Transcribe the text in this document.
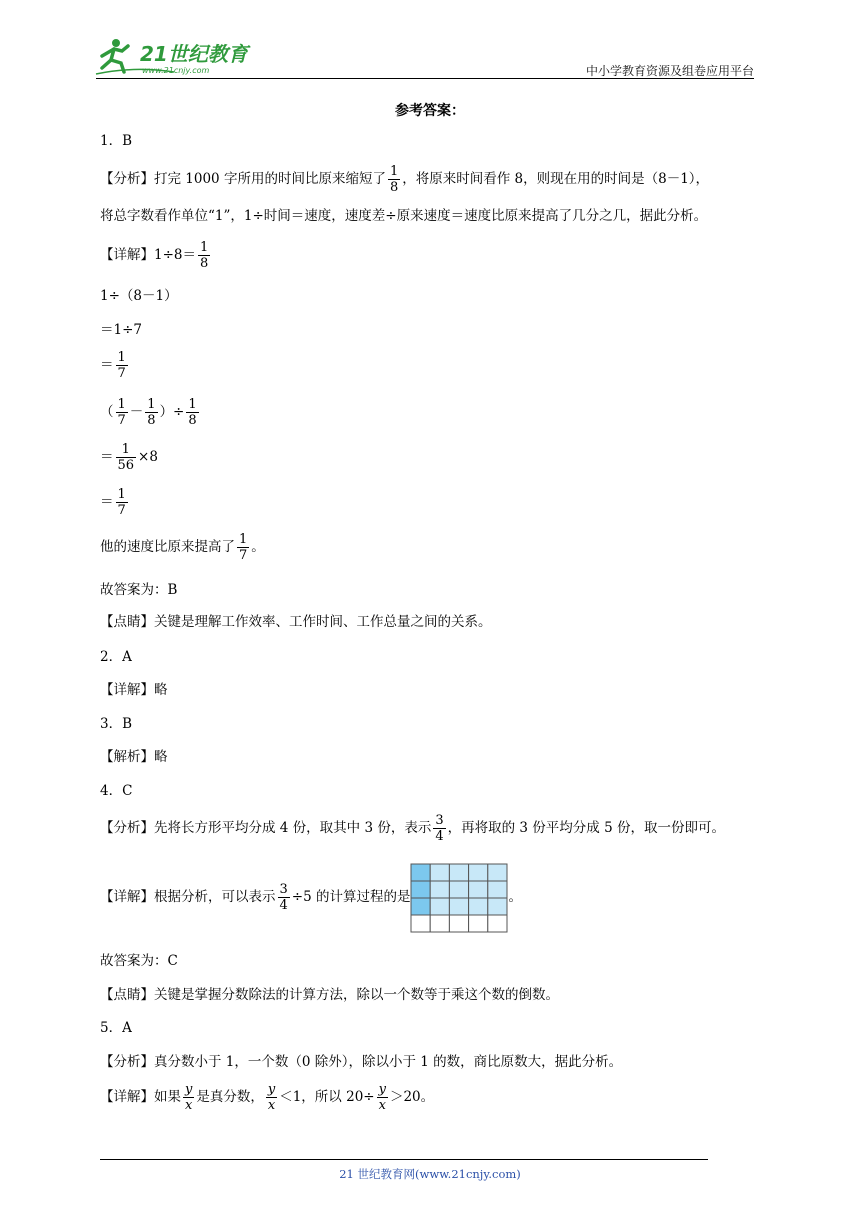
21世纪教育
www.21cnjy.com	中小学教育资源及组卷应用平台
参考答案：
1．B
【分析】打完 1000 字所用的时间比原来缩短了 $\frac{1}{8}$ ，将原来时间看作 8，则现在用的时间是（8－1），
将总字数看作单位“1”，1÷时间＝速度，速度差÷原来速度＝速度比原来提高了几分之几，据此分析。
【详解】$1\div 8= \frac{1}{8}$
1÷（8－1）
＝1÷7
＝ $\frac{1}{7}$
（ $\frac{1}{7} - \frac{1}{8}$ ）÷ $\frac{1}{8}$
＝ $\frac{1}{56} \times 8$
＝ $\frac{1}{7}$
他的速度比原来提高了 $\frac{1}{7}$ 。
故答案为：B
【点睛】关键是理解工作效率、工作时间、工作总量之间的关系。
2．A
【详解】略
3．B
【解析】略
4．C
【分析】先将长方形平均分成 4 份，取其中 3 份，表示 $\frac{3}{4}$ ，再将取的 3 份平均分成 5 份，取一份即可。
【详解】根据分析，可以表示 $\frac{3}{4} \div 5$ 的计算过程的是	。
故答案为：C
【点睛】关键是掌握分数除法的计算方法，除以一个数等于乘这个数的倒数。
5．A
【分析】真分数小于 1，一个数（0 除外），除以小于 1 的数，商比原数大，据此分析。
【详解】如果 $\frac{y}{x}$ 是真分数， $\frac{y}{x} <1$，所以 $20\div \frac{y}{x} >20$。
21 世纪教育网(www.21cnjy.com)
